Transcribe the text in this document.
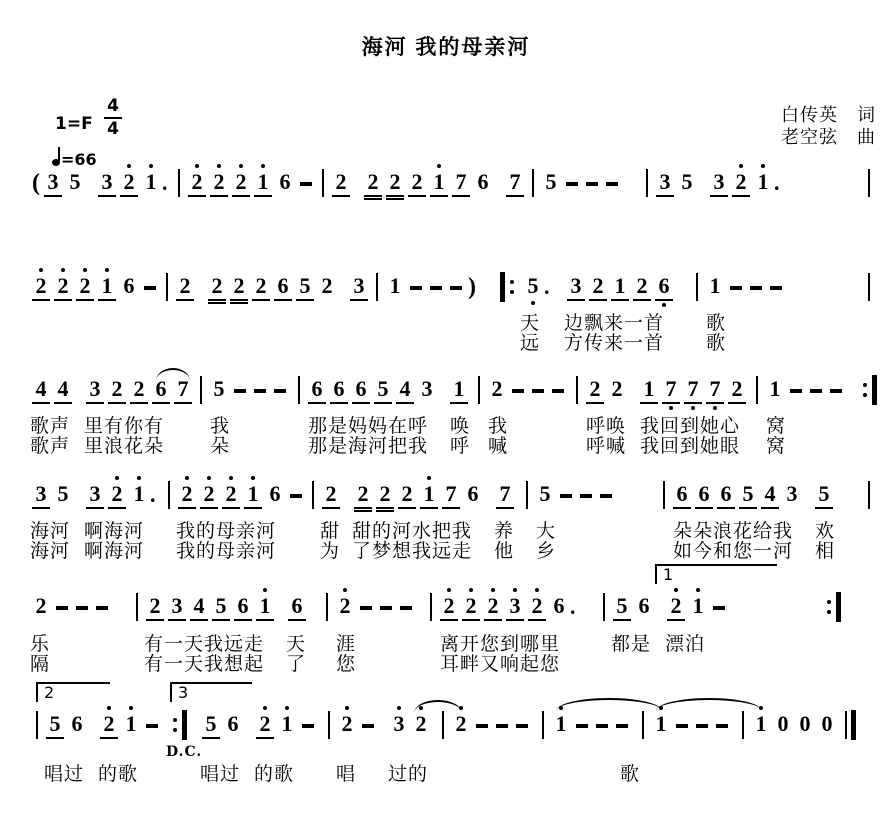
海河 我的母亲河
1=F
4
4
=66
白传英　词
老空弦　曲
( 3 5 3 2 1 .	2 2 2 1 6	2 2 2 2 1 7 6 7	5	3 5 3 2 1 .
2 2 2 1 6	2 2 2 2 6 5 2 3	1	)	5 . 3 2 1 2 6	1
天 边飘来一首 歌
远 方传来一首 歌
4 4 3 2 2 6 7	5	6 6 6 5 4 3 1	2	2 2 1 7 7 7 2	1
歌声 里有你有 我	那是妈妈在呼 唤 我	呼唤 我回到她心 窝
歌声 里浪花朵 朵	那是海河把我 呼 喊	呼喊 我回到她眼 窝
3 5 3 2 1 .	2 2 2 1 6	2 2 2 2 1 7 6 7	5	6 6 6 5 4 3 5
海河 啊海河 我的母亲河 甜 甜的河水把我 养 大	朵朵浪花给我 欢
海河 啊海河 我的母亲河 为 了梦想我远走 他 乡	如今和您一河 相
2	2 3 4 5 6 1 6	2	2 2 2 3 2 6 .	5 6 2 1
乐	有一天我远走 天 涯	离开您到哪里	都是 漂泊
隔	有一天我想起 了 您	耳畔又响起您
5 6 2 1	5 6 2 1	2 3 2	2	1	1	1 0 0 0
唱过 的歌	唱过 的歌 唱 过的	歌
1
2	3
D.C.
